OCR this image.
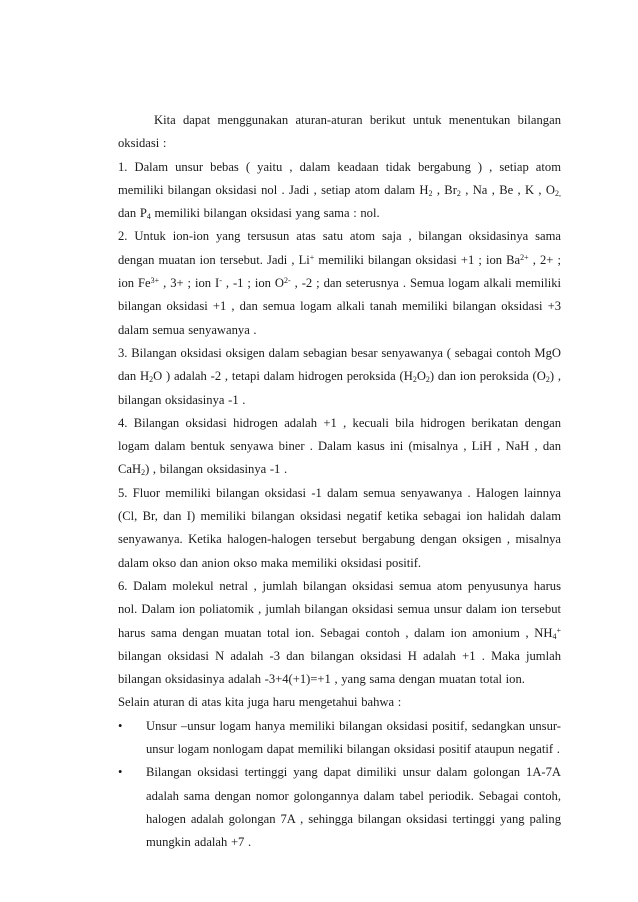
Kita dapat menggunakan aturan-aturan berikut untuk menentukan bilangan oksidasi :

1. Dalam unsur bebas ( yaitu , dalam keadaan tidak bergabung ) , setiap atom memiliki bilangan oksidasi nol . Jadi , setiap atom dalam $H_2$ , $Br_2$ , Na , Be , K , $O_{2,}$ dan $P_4$ memiliki bilangan oksidasi yang sama : nol.

2. Untuk ion-ion yang tersusun atas satu atom saja , bilangan oksidasinya sama dengan muatan ion tersebut. Jadi , Li+ memiliki bilangan oksidasi +1 ; ion $Ba^{2+}$ , 2+ ; ion $Fe^{3+}$ , 3+ ; ion I- , -1 ; ion $O^{2-}$ , -2 ; dan seterusnya . Semua logam alkali memiliki bilangan oksidasi +1 , dan semua logam alkali tanah memiliki bilangan oksidasi +3 dalam semua senyawanya .

3. Bilangan oksidasi oksigen dalam sebagian besar senyawanya ( sebagai contoh MgO dan $H_2O$ ) adalah -2 , tetapi dalam hidrogen peroksida $(H_2O_2)$ dan ion peroksida $(O_2)$ , bilangan oksidasinya -1 .

4. Bilangan oksidasi hidrogen adalah +1 , kecuali bila hidrogen berikatan dengan logam dalam bentuk senyawa biner . Dalam kasus ini (misalnya , LiH , NaH , dan CaH$_2$) , bilangan oksidasinya -1 .

5. Fluor memiliki bilangan oksidasi -1 dalam semua senyawanya . Halogen lainnya (Cl, Br, dan I) memiliki bilangan oksidasi negatif ketika sebagai ion halidah dalam senyawanya. Ketika halogen-halogen tersebut bergabung dengan oksigen , misalnya dalam okso dan anion okso maka memiliki oksidasi positif.

6. Dalam molekul netral , jumlah bilangan oksidasi semua atom penyusunya harus nol. Dalam ion poliatomik , jumlah bilangan oksidasi semua unsur dalam ion tersebut harus sama dengan muatan total ion. Sebagai contoh , dalam ion amonium , $NH_4^+$ bilangan oksidasi N adalah -3 dan bilangan oksidasi H adalah +1 . Maka jumlah bilangan oksidasinya adalah -3+4(+1)=+1 , yang sama dengan muatan total ion.

Selain aturan di atas kita juga haru mengetahui bahwa :

•	Unsur –unsur logam hanya memiliki bilangan oksidasi positif, sedangkan unsur-unsur logam nonlogam dapat memiliki bilangan oksidasi positif ataupun negatif .
•	Bilangan oksidasi tertinggi yang dapat dimiliki unsur dalam golongan 1A-7A adalah sama dengan nomor golongannya dalam tabel periodik. Sebagai contoh, halogen adalah golongan 7A , sehingga bilangan oksidasi tertinggi yang paling mungkin adalah +7 .
